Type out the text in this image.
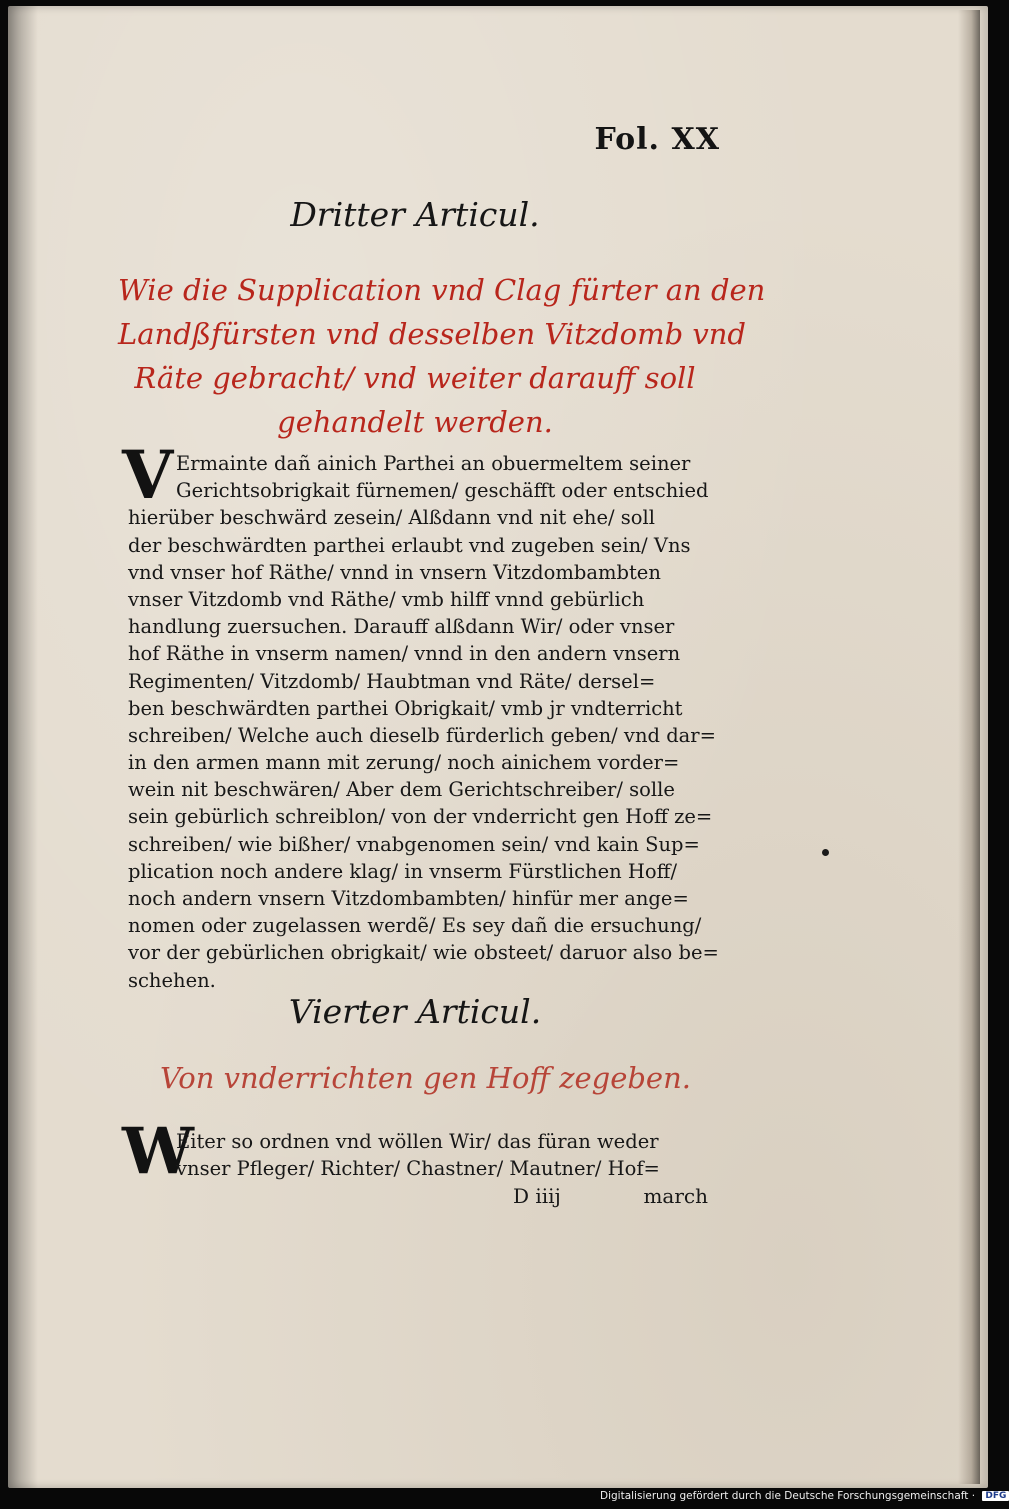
Fol. XX
Dritter Articul.
Wie die Supplication vnd Clag fürter an den
Landßfürsten vnd desselben Vitzdomb vnd
Räte gebracht/ vnd weiter darauff soll
gehandelt werden.
V Ermainte dañ ainich Parthei an obuermeltem seiner
Gerichtsobrigkait fürnemen/ geschäfft oder entschied
hierüber beschwärd zesein/ Alßdann vnd nit ehe/ soll
der beschwärdten parthei erlaubt vnd zugeben sein/ Vns
vnd vnser hof Räthe/ vnnd in vnsern Vitzdombambten
vnser Vitzdomb vnd Räthe/ vmb hilff vnnd gebürlich
handlung zuersuchen. Darauff alßdann Wir/ oder vnser
hof Räthe in vnserm namen/ vnnd in den andern vnsern
Regimenten/ Vitzdomb/ Haubtman vnd Räte/ dersel=
ben beschwärdten parthei Obrigkait/ vmb jr vndterricht
schreiben/ Welche auch dieselb fürderlich geben/ vnd dar=
in den armen mann mit zerung/ noch ainichem vorder=
wein nit beschwären/ Aber dem Gerichtschreiber/ solle
sein gebürlich schreiblon/ von der vnderricht gen Hoff ze=
schreiben/ wie bißher/ vnabgenomen sein/ vnd kain Sup=
plication noch andere klag/ in vnserm Fürstlichen Hoff/
noch andern vnsern Vitzdombambten/ hinfür mer ange=
nomen oder zugelassen werdẽ/ Es sey dañ die ersuchung/
vor der gebürlichen obrigkait/ wie obsteet/ daruor also be=
schehen.
Vierter Articul.
Von vnderrichten gen Hoff zegeben.
W
Eiter so ordnen vnd wöllen Wir/ das füran weder
vnser Pfleger/ Richter/ Chastner/ Mautner/ Hof=
D iiij	march
Digitalisierung gefördert durch die Deutsche Forschungsgemeinschaft · DFG
